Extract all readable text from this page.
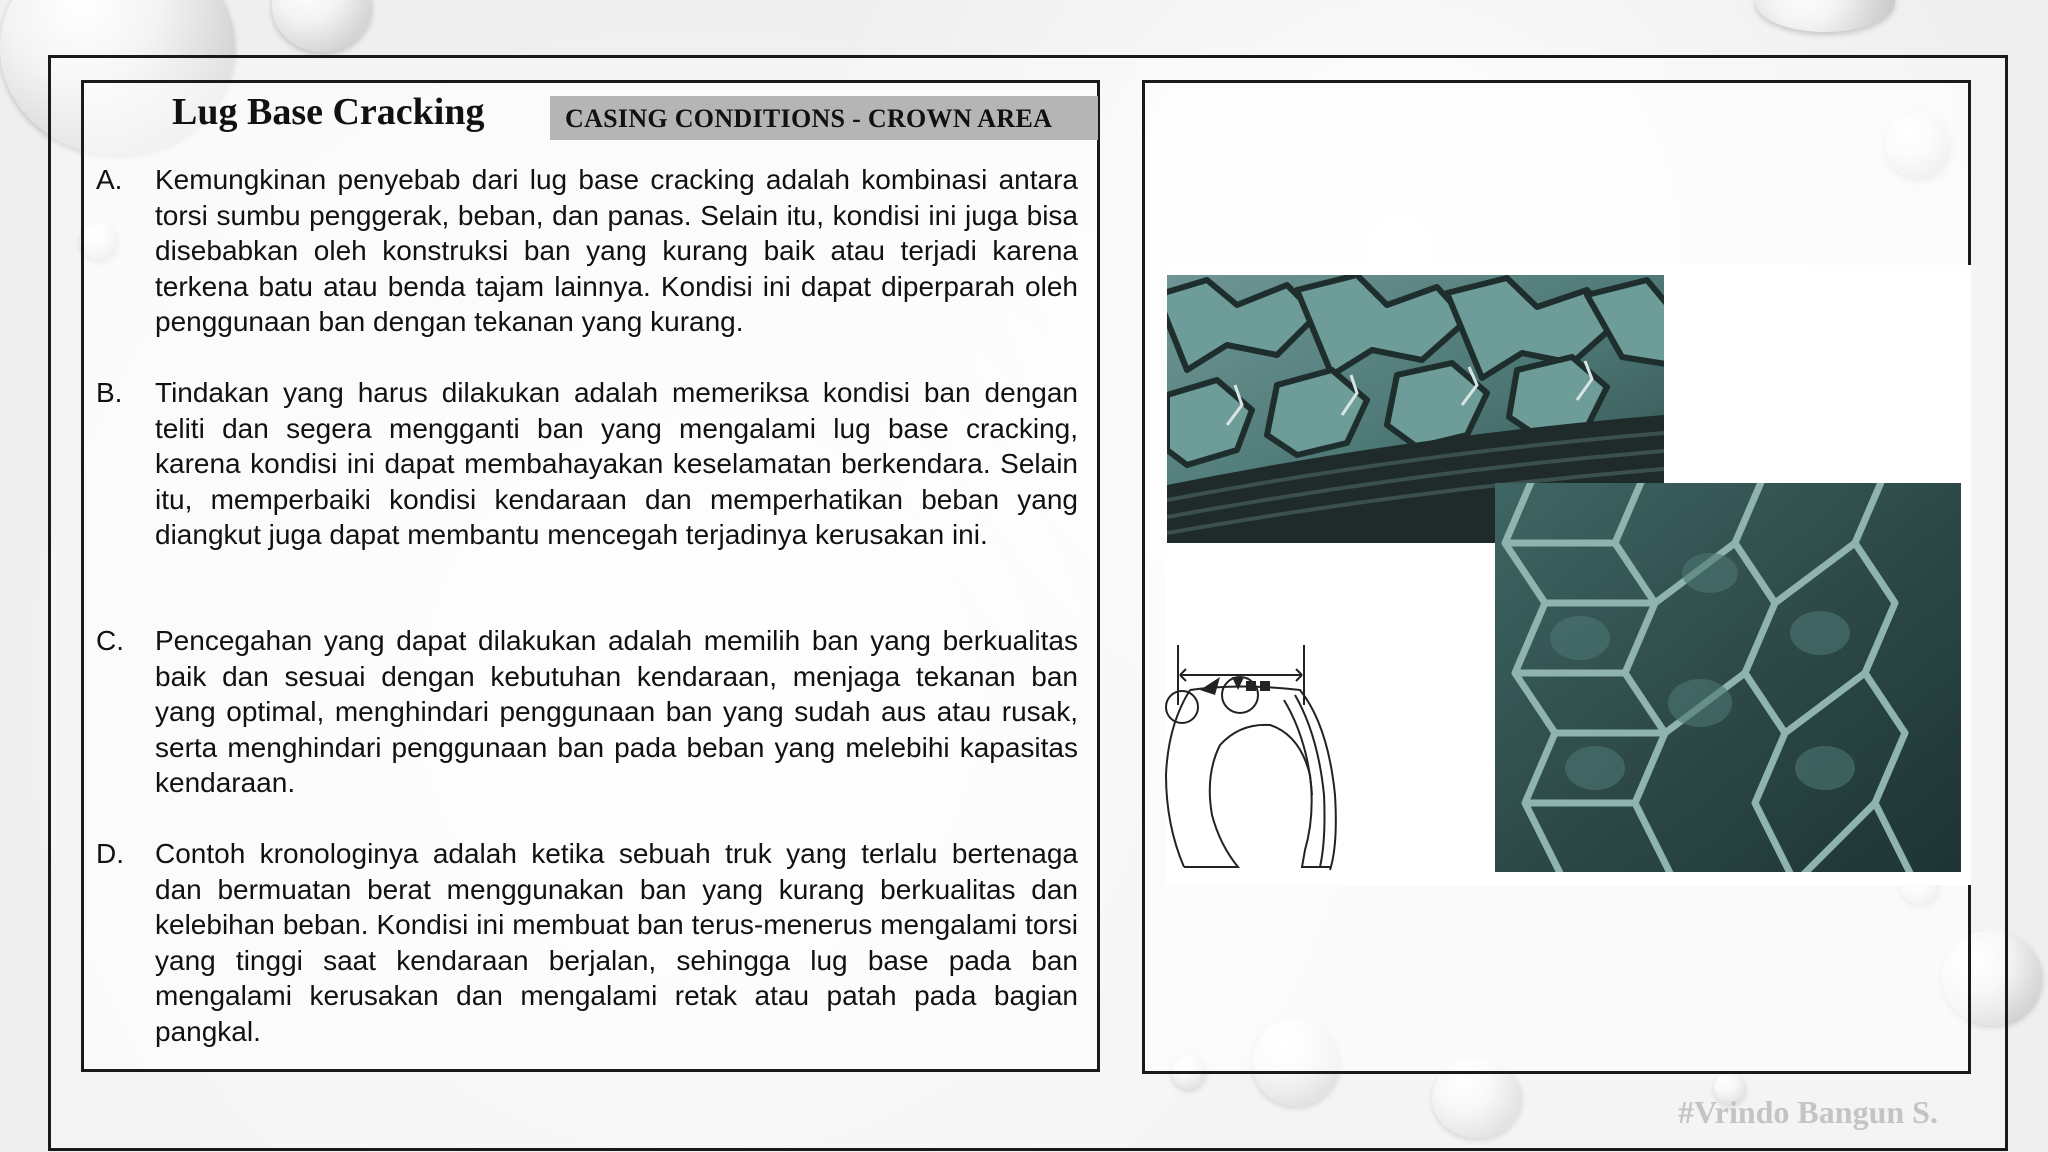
Lug Base Cracking	CASING CONDITIONS - CROWN AREA
A. Kemungkinan penyebab dari lug base cracking adalah kombinasi antara torsi sumbu penggerak, beban, dan panas. Selain itu, kondisi ini juga bisa disebabkan oleh konstruksi ban yang kurang baik atau terjadi karena terkena batu atau benda tajam lainnya. Kondisi ini dapat diperparah oleh penggunaan ban dengan tekanan yang kurang.
B. Tindakan yang harus dilakukan adalah memeriksa kondisi ban dengan teliti dan segera mengganti ban yang mengalami lug base cracking, karena kondisi ini dapat membahayakan keselamatan berkendara. Selain itu, memperbaiki kondisi kendaraan dan memperhatikan beban yang diangkut juga dapat membantu mencegah terjadinya kerusakan ini.
C. Pencegahan yang dapat dilakukan adalah memilih ban yang berkualitas baik dan sesuai dengan kebutuhan kendaraan, menjaga tekanan ban yang optimal, menghindari penggunaan ban yang sudah aus atau rusak, serta menghindari penggunaan ban pada beban yang melebihi kapasitas kendaraan.
D. Contoh kronologinya adalah ketika sebuah truk yang terlalu bertenaga dan bermuatan berat menggunakan ban yang kurang berkualitas dan kelebihan beban. Kondisi ini membuat ban terus-menerus mengalami torsi yang tinggi saat kendaraan berjalan, sehingga lug base pada ban mengalami kerusakan dan mengalami retak atau patah pada bagian pangkal.
#Vrindo Bangun S.
